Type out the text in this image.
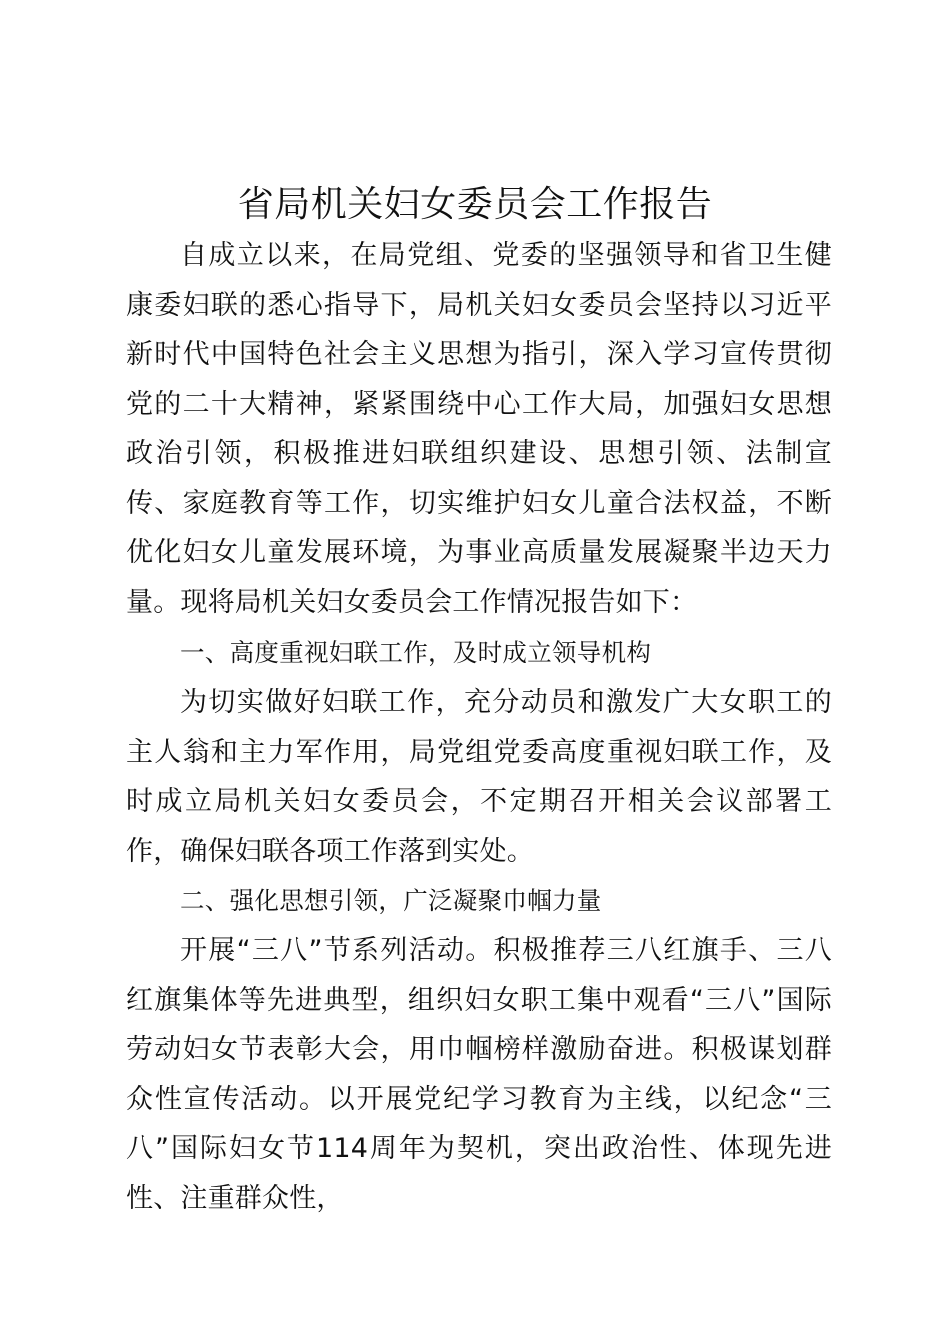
省局机关妇女委员会工作报告

自成立以来，在局党组、党委的坚强领导和省卫生健康委妇联的悉心指导下，局机关妇女委员会坚持以习近平新时代中国特色社会主义思想为指引，深入学习宣传贯彻党的二十大精神，紧紧围绕中心工作大局，加强妇女思想政治引领，积极推进妇联组织建设、思想引领、法制宣传、家庭教育等工作，切实维护妇女儿童合法权益，不断优化妇女儿童发展环境，为事业高质量发展凝聚半边天力量。现将局机关妇女委员会工作情况报告如下：

一、高度重视妇联工作，及时成立领导机构

为切实做好妇联工作，充分动员和激发广大女职工的主人翁和主力军作用，局党组党委高度重视妇联工作，及时成立局机关妇女委员会，不定期召开相关会议部署工作，确保妇联各项工作落到实处。

二、强化思想引领，广泛凝聚巾帼力量

开展“三八”节系列活动。积极推荐三八红旗手、三八红旗集体等先进典型，组织妇女职工集中观看“三八”国际劳动妇女节表彰大会，用巾帼榜样激励奋进。积极谋划群众性宣传活动。以开展党纪学习教育为主线，以纪念“三八”国际妇女节114周年为契机，突出政治性、体现先进性、注重群众性，
